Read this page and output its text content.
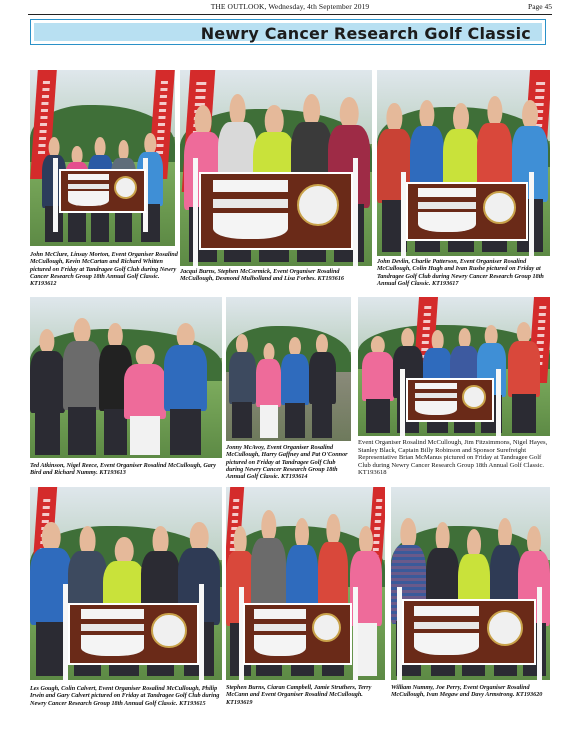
THE OUTLOOK, Wednesday, 4th September 2019	Page 45
Newry Cancer Research Golf Classic
John McClure, Linsay Morton, Event Organiser Rosalind McCullough, Kevin McCartan and Richard Whitten pictured on Friday at Tandragee Golf Club during Newry Cancer Research Group 18th Annual Golf Classic. KT193612
Jacqui Burns, Stephen McCormick, Event Organiser Rosalind McCullough, Desmond Mulholland and Lisa Forbes. KT193616
John Devlin, Charlie Patterson, Event Organiser Rosalind McCullough, Colin Hugh and Ivan Rushe pictured on Friday at Tandragee Golf Club during Newry Cancer Research Group 18th Annual Golf Classic. KT193617
Ted Atkinson, Nigel Reece, Event Organiser Rosalind McCullough, Gary Bird and Richard Nummy. KT193613
Jonny McAvoy, Event Organiser Rosalind McCullough, Harry Gaffney and Pat O'Connor pictured on Friday at Tandragee Golf Club during Newry Cancer Research Group 18th Annual Golf Classic. KT193614
Event Organiser Rosalind McCullough, Jim Fitzsimmons, Nigel Hayes, Stanley Black, Captain Billy Robinson and Sponsor Surefreight Representative Brian McManus pictured on Friday at Tandragee Golf Club during Newry Cancer Research Group 18th Annual Golf Classic. KT193618
Les Gough, Colin Calvert, Event Organiser Rosalind McCullough, Philip Irwin and Gary Calvert pictured on Friday at Tandragee Golf Club during Newry Cancer Research Group 18th Annual Golf Classic. KT193615
Stephen Burns, Ciaran Campbell, Jamie Struthers, Terry McCann and Event Organiser Rosalind McCullough. KT193619
William Nummy, Joe Perry, Event Organiser Rosalind McCullough, Ivan Megaw and Davy Armstrong. KT193620
